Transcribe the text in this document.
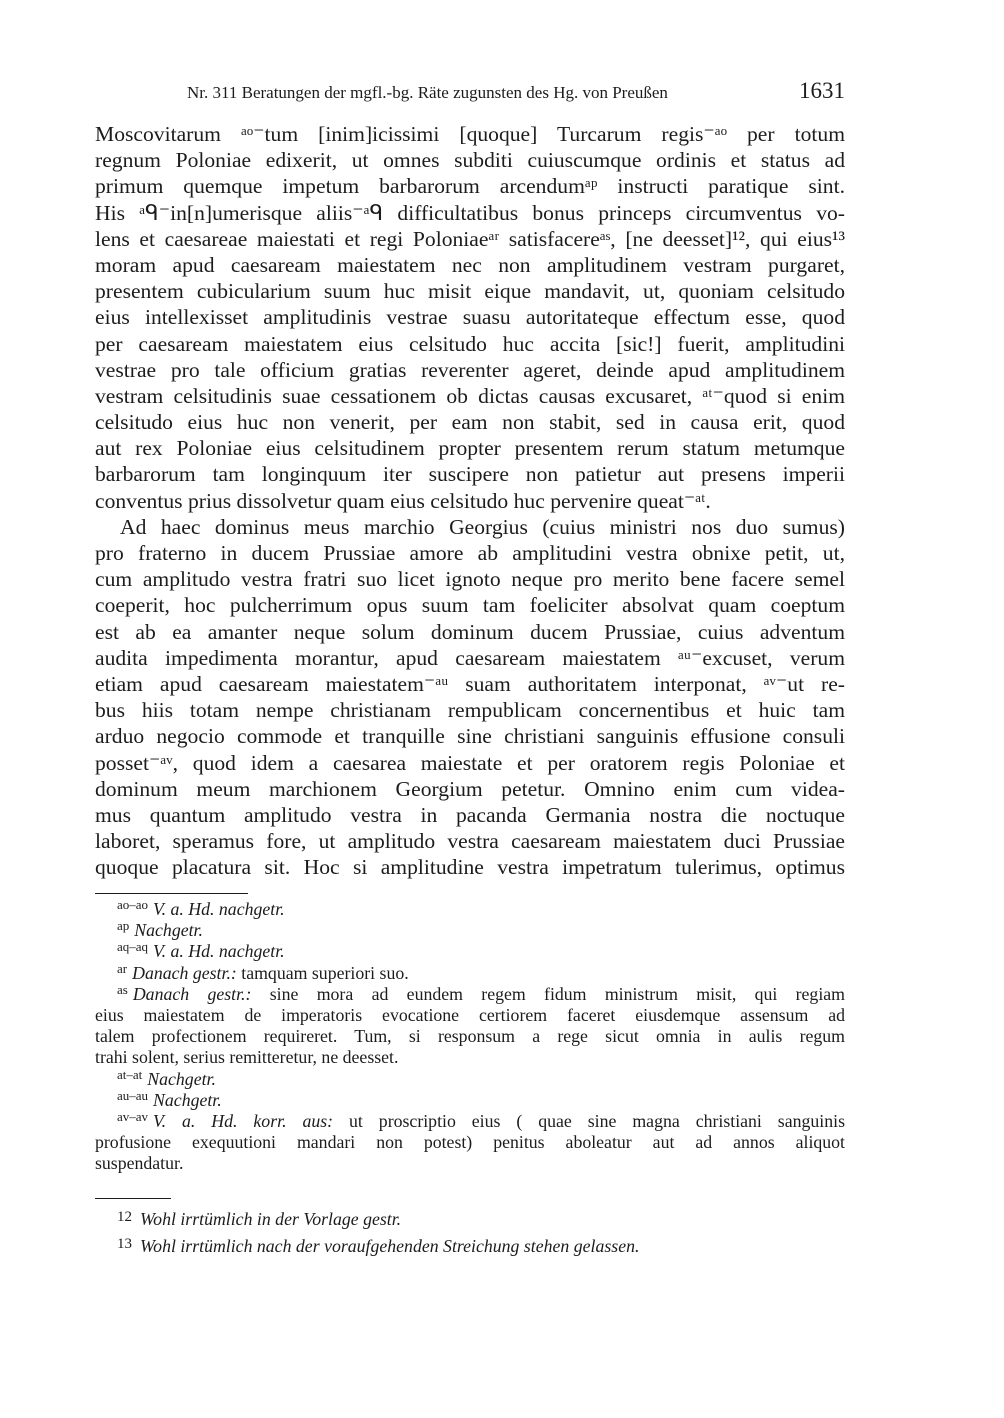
Nr. 311 Beratungen der mgfl.-bg. Räte zugunsten des Hg. von Preußen	1631
Moscovitarum ᵃᵒ⁻tum [inim]icissimi [quoque] Turcarum regis⁻ᵃᵒ per totum
regnum Poloniae edixerit, ut omnes subditi cuiuscumque ordinis et status ad
primum quemque impetum barbarorum arcendumᵃᵖ instructi paratique sint.
His ᵃᑫ⁻in[n]umerisque aliis⁻ᵃᑫ difficultatibus bonus princeps circumventus vo-
lens et caesareae maiestati et regi Poloniaeᵃʳ satisfacereᵃˢ, [ne deesset]¹², qui eius¹³
moram apud caesaream maiestatem nec non amplitudinem vestram purgaret,
presentem cubicularium suum huc misit eique mandavit, ut, quoniam celsitudo
eius intellexisset amplitudinis vestrae suasu autoritateque effectum esse, quod
per caesaream maiestatem eius celsitudo huc accita [sic!] fuerit, amplitudini
vestrae pro tale officium gratias reverenter ageret, deinde apud amplitudinem
vestram celsitudinis suae cessationem ob dictas causas excusaret, ᵃᵗ⁻quod si enim
celsitudo eius huc non venerit, per eam non stabit, sed in causa erit, quod
aut rex Poloniae eius celsitudinem propter presentem rerum statum metumque
barbarorum tam longinquum iter suscipere non patietur aut presens imperii
conventus prius dissolvetur quam eius celsitudo huc pervenire queat⁻ᵃᵗ.
Ad haec dominus meus marchio Georgius (cuius ministri nos duo sumus)
pro fraterno in ducem Prussiae amore ab amplitudini vestra obnixe petit, ut,
cum amplitudo vestra fratri suo licet ignoto neque pro merito bene facere semel
coeperit, hoc pulcherrimum opus suum tam foeliciter absolvat quam coeptum
est ab ea amanter neque solum dominum ducem Prussiae, cuius adventum
audita impedimenta morantur, apud caesaream maiestatem ᵃᵘ⁻excuset, verum
etiam apud caesaream maiestatem⁻ᵃᵘ suam authoritatem interponat, ᵃᵛ⁻ut re-
bus hiis totam nempe christianam rempublicam concernentibus et huic tam
arduo negocio commode et tranquille sine christiani sanguinis effusione consuli
posset⁻ᵃᵛ, quod idem a caesarea maiestate et per oratorem regis Poloniae et
dominum meum marchionem Georgium petetur. Omnino enim cum videa-
mus quantum amplitudo vestra in pacanda Germania nostra die noctuque
laboret, speramus fore, ut amplitudo vestra caesaream maiestatem duci Prussiae
quoque placatura sit. Hoc si amplitudine vestra impetratum tulerimus, optimus
$^{ao-ao}$ V. a. Hd. nachgetr.
$^{ap}$ Nachgetr.
$^{aq-aq}$ V. a. Hd. nachgetr.
$^{ar}$ Danach gestr.: tamquam superiori suo.
$^{as}$ Danach gestr.: sine mora ad eundem regem fidum ministrum misit, qui regiam
eius maiestatem de imperatoris evocatione certiorem faceret eiusdemque assensum ad
talem profectionem requireret. Tum, si responsum a rege sicut omnia in aulis regum
trahi solent, serius remitteretur, ne deesset.
$^{at-at}$ Nachgetr.
$^{au-au}$ Nachgetr.
$^{av-av}$ V. a. Hd. korr. aus: ut proscriptio eius ( quae sine magna christiani sanguinis
profusione exequutioni mandari non potest) penitus aboleatur aut ad annos aliquot
suspendatur.
$^{12}$ Wohl irrtümlich in der Vorlage gestr.
$^{13}$ Wohl irrtümlich nach der voraufgehenden Streichung stehen gelassen.
